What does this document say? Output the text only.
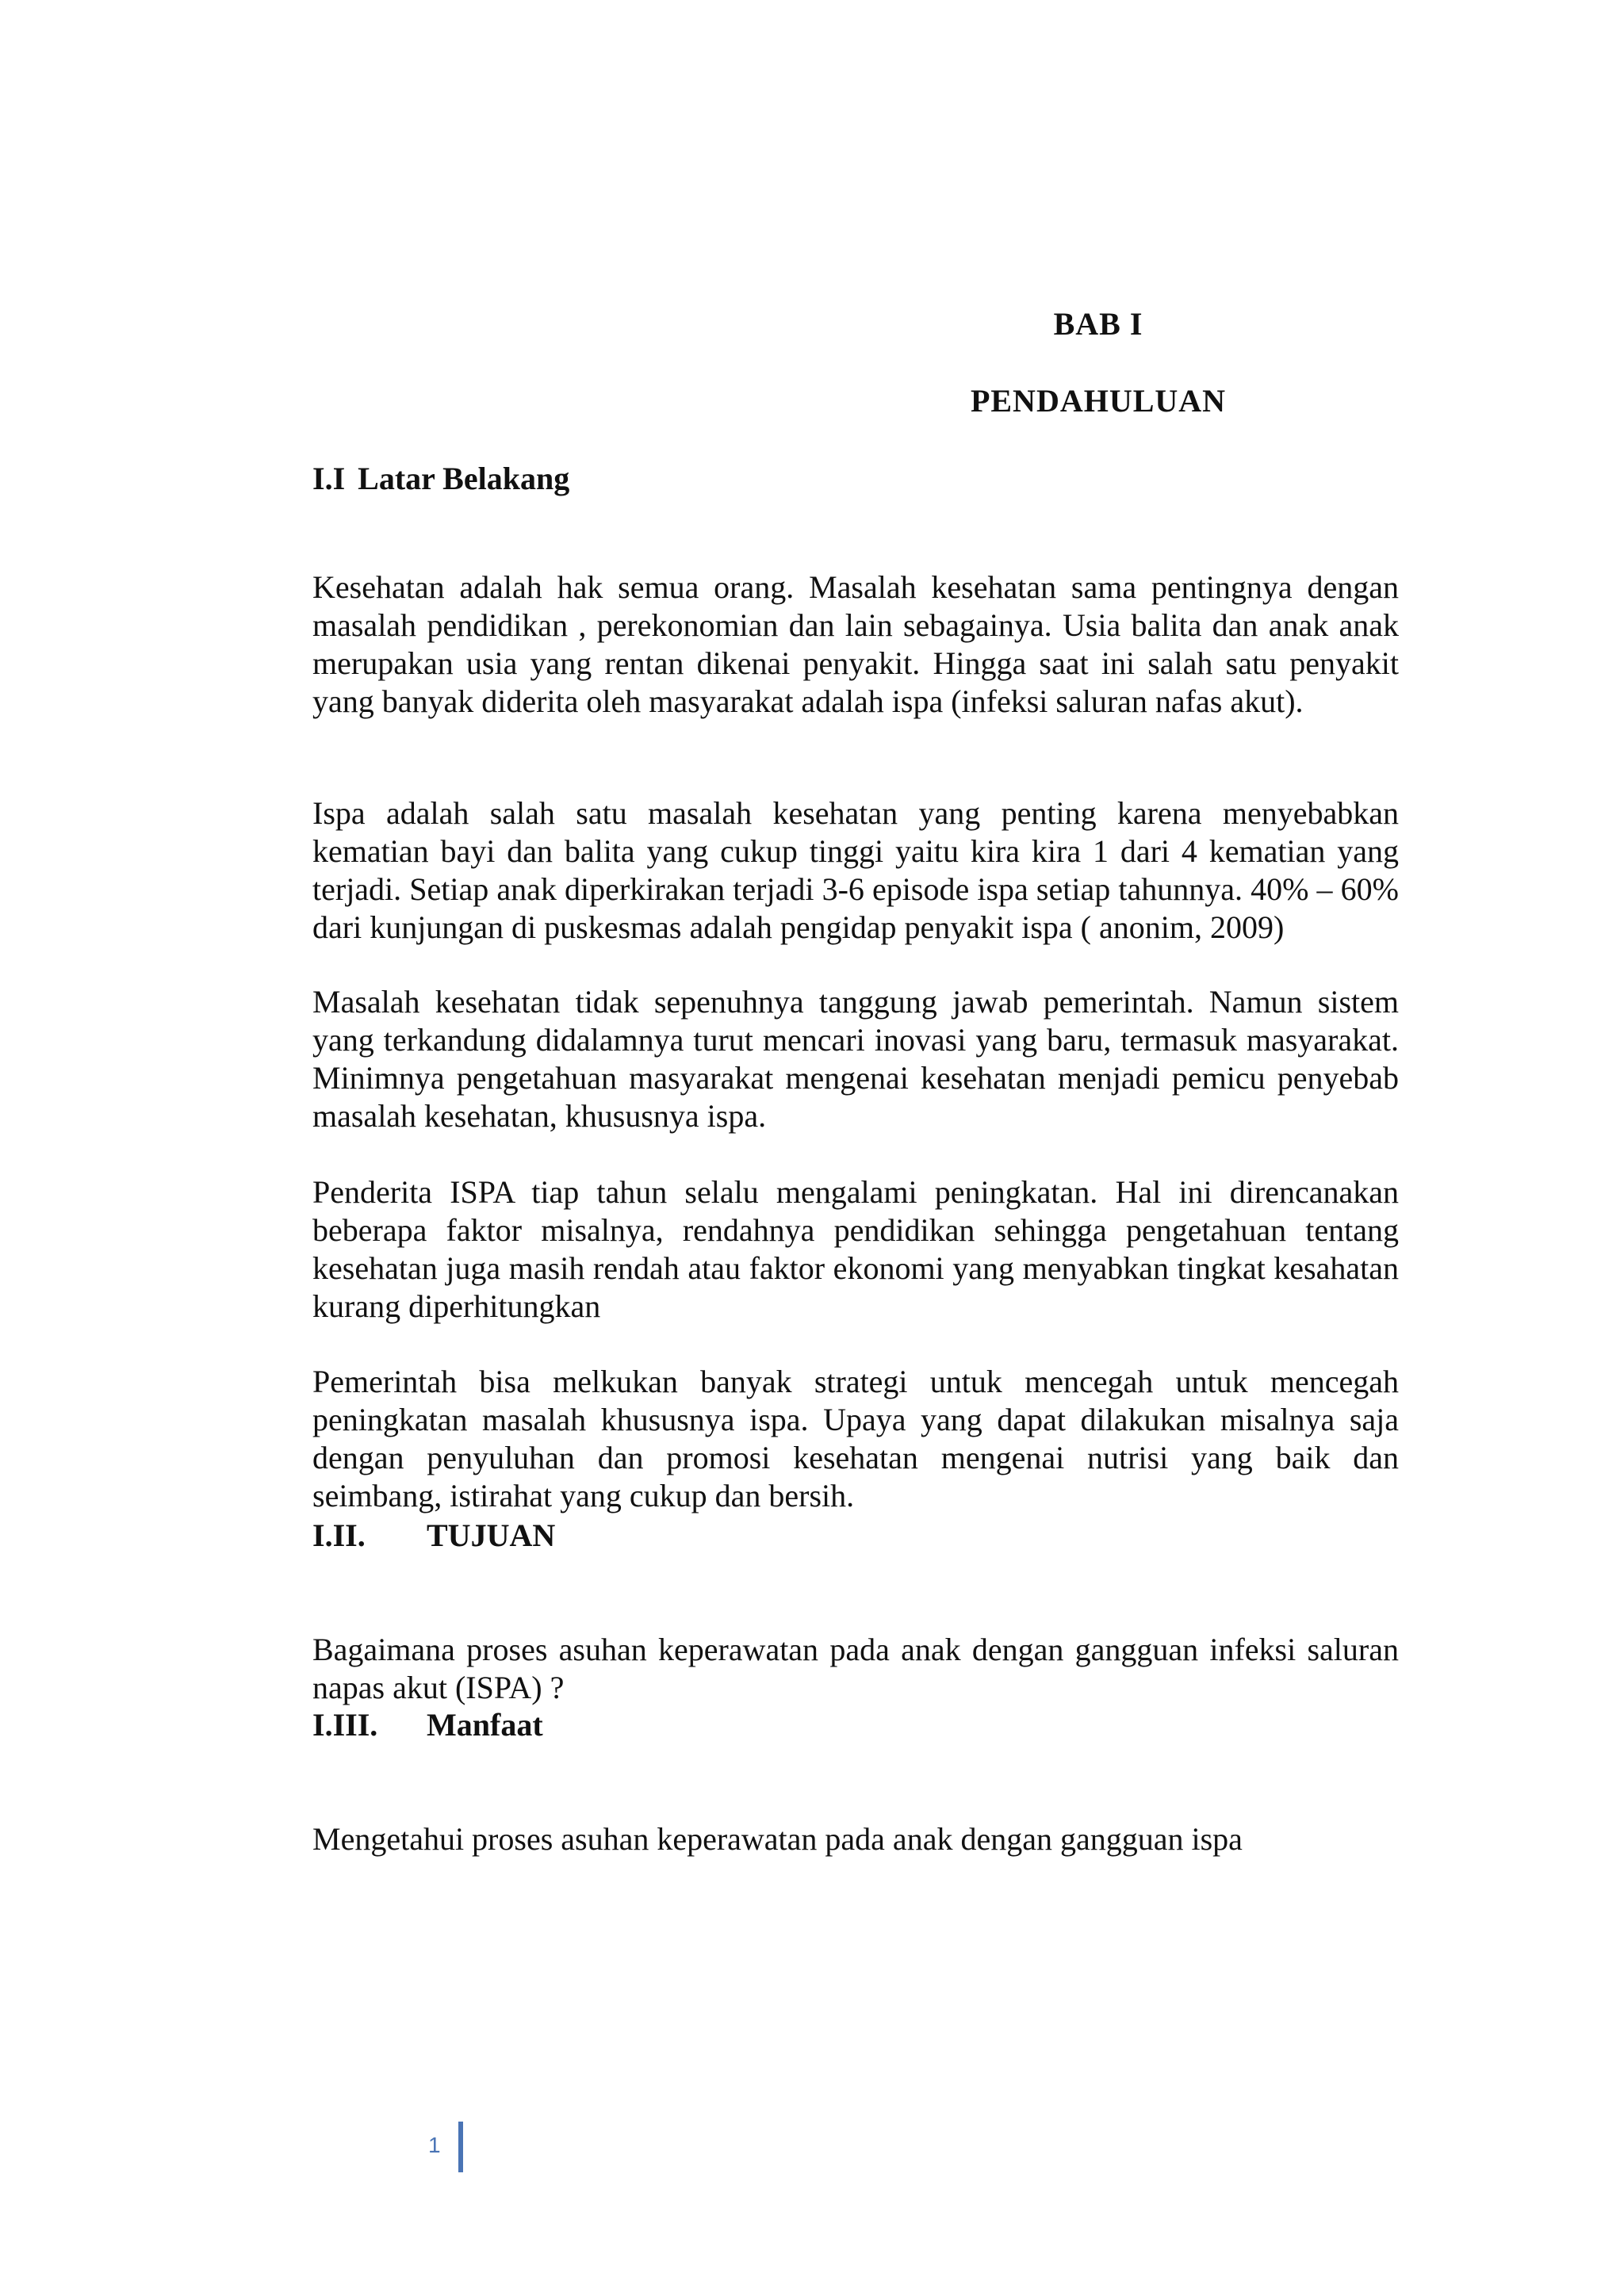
BAB I
PENDAHULUAN
I.I Latar Belakang

Kesehatan adalah hak semua orang. Masalah kesehatan sama pentingnya dengan masalah pendidikan , perekonomian dan lain sebagainya. Usia balita dan anak anak merupakan usia yang rentan dikenai penyakit. Hingga saat ini salah satu penyakit yang banyak diderita oleh masyarakat adalah ispa (infeksi saluran nafas akut).

Ispa adalah salah satu masalah kesehatan yang penting karena menyebabkan kematian bayi dan balita yang cukup tinggi yaitu kira kira 1 dari 4 kematian yang terjadi. Setiap anak diperkirakan terjadi 3-6 episode ispa setiap tahunnya. 40% – 60% dari kunjungan di puskesmas adalah pengidap penyakit ispa ( anonim, 2009)

Masalah kesehatan tidak sepenuhnya tanggung jawab pemerintah. Namun sistem yang terkandung didalamnya turut mencari inovasi yang baru, termasuk masyarakat. Minimnya pengetahuan masyarakat mengenai kesehatan menjadi pemicu penyebab masalah kesehatan, khususnya ispa.

Penderita ISPA tiap tahun selalu mengalami peningkatan. Hal ini direncanakan beberapa faktor misalnya, rendahnya pendidikan sehingga pengetahuan tentang kesehatan juga masih rendah atau faktor ekonomi yang menyabkan tingkat kesahatan kurang diperhitungkan

Pemerintah bisa melkukan banyak strategi untuk mencegah untuk mencegah peningkatan masalah khususnya ispa. Upaya yang dapat dilakukan misalnya saja dengan penyuluhan dan promosi kesehatan mengenai nutrisi yang baik dan seimbang, istirahat yang cukup dan bersih.

I.II. TUJUAN

Bagaimana proses asuhan keperawatan pada anak dengan gangguan infeksi saluran napas akut (ISPA) ?

I.III. Manfaat

Mengetahui proses asuhan keperawatan pada anak dengan gangguan ispa

1
